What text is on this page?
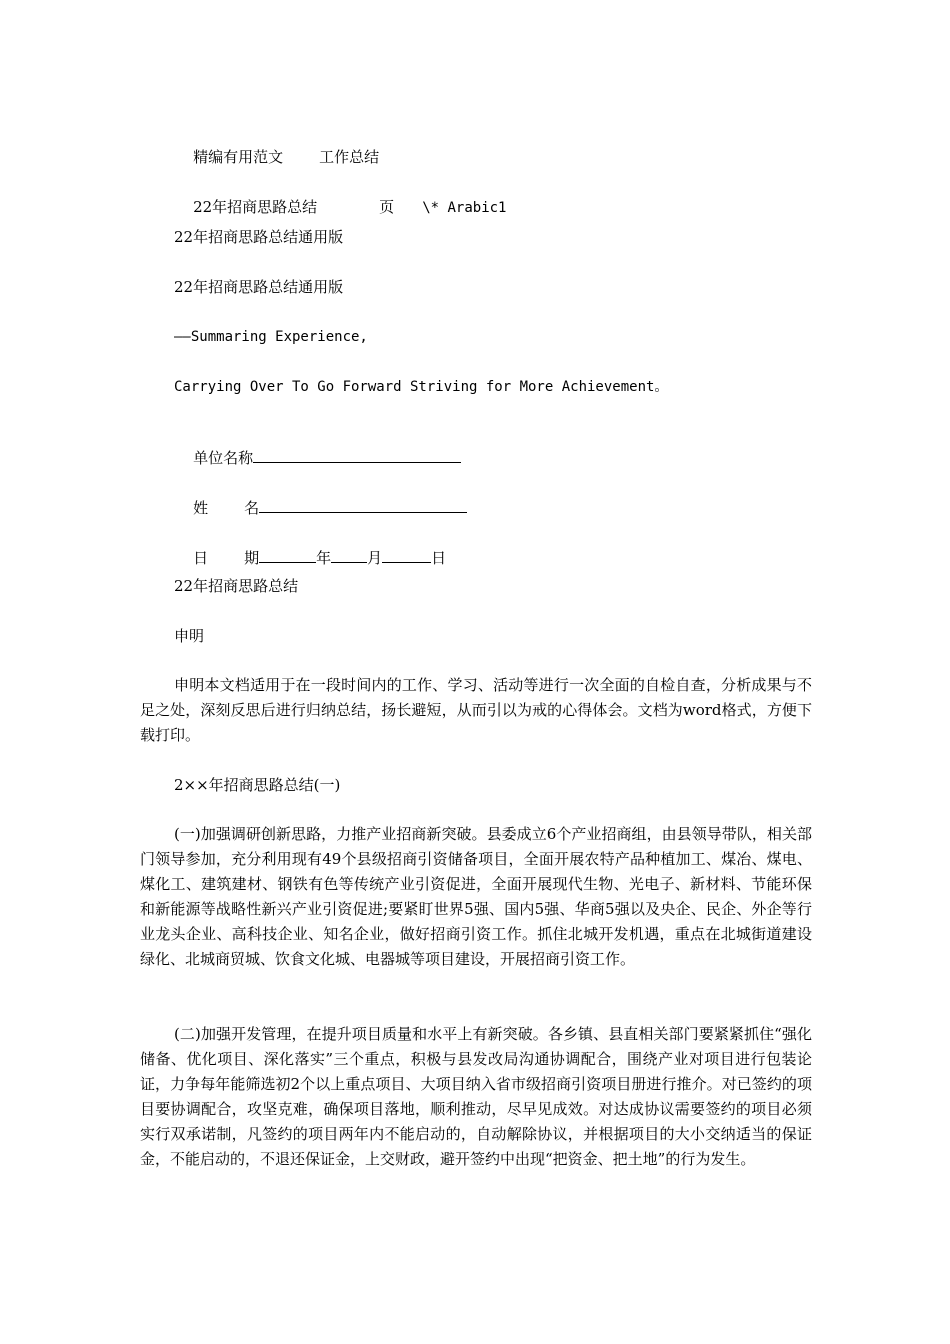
精编有用范文 工作总结

22年招商思路总结	页 \* Arabic1

22年招商思路总结通用版
22年招商思路总结通用版
——Summaring Experience,
Carrying Over To Go Forward Striving for More Achievement。

单位名称

姓 名

日 期	年 月	日

22年招商思路总结
申明

申明本文档适用于在一段时间内的工作、学习、活动等进行一次全面的自检自查，分析成果与不足之处，深刻反思后进行归纳总结，扬长避短，从而引以为戒的心得体会。文档为word格式，方便下载打印。

2××年招商思路总结(一)

(一)加强调研创新思路，力推产业招商新突破。县委成立6个产业招商组，由县领导带队，相关部门领导参加，充分利用现有49个县级招商引资储备项目，全面开展农特产品种植加工、煤冶、煤电、煤化工、建筑建材、钢铁有色等传统产业引资促进，全面开展现代生物、光电子、新材料、节能环保和新能源等战略性新兴产业引资促进;要紧盯世界5强、国内5强、华商5强以及央企、民企、外企等行业龙头企业、高科技企业、知名企业，做好招商引资工作。抓住北城开发机遇，重点在北城街道建设绿化、北城商贸城、饮食文化城、电器城等项目建设，开展招商引资工作。

(二)加强开发管理，在提升项目质量和水平上有新突破。各乡镇、县直相关部门要紧紧抓住“强化储备、优化项目、深化落实”三个重点，积极与县发改局沟通协调配合，围绕产业对项目进行包装论证，力争每年能筛选初2个以上重点项目、大项目纳入省市级招商引资项目册进行推介。对已签约的项目要协调配合，攻坚克难，确保项目落地，顺利推动，尽早见成效。对达成协议需要签约的项目必须实行双承诺制，凡签约的项目两年内不能启动的，自动解除协议，并根据项目的大小交纳适当的保证金，不能启动的，不退还保证金，上交财政，避开签约中出现“把资金、把土地”的行为发生。
